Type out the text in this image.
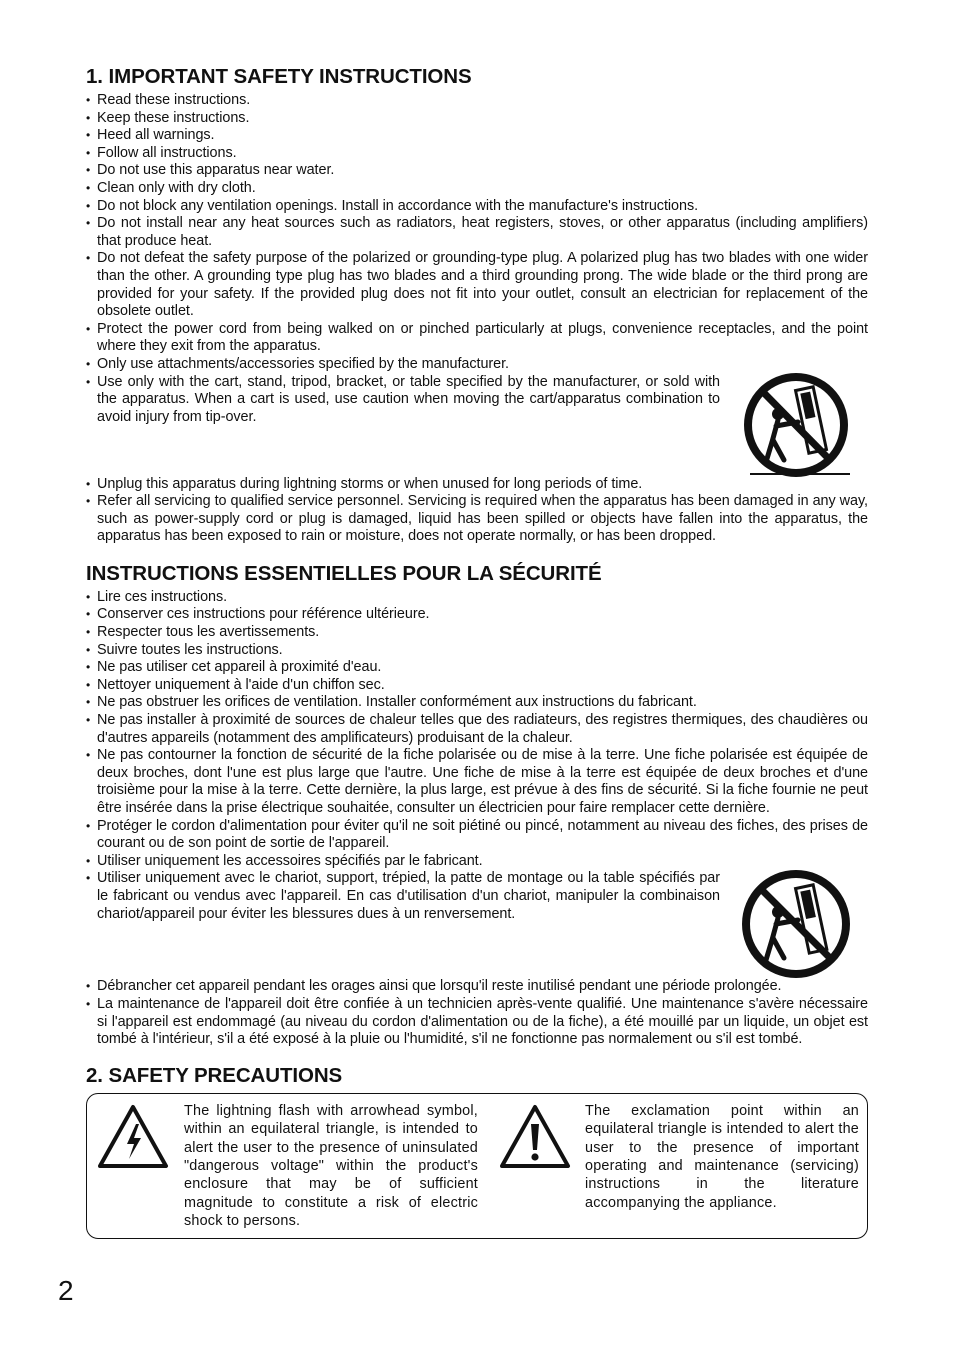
1. IMPORTANT SAFETY INSTRUCTIONS
• Read these instructions.
• Keep these instructions.
• Heed all warnings.
• Follow all instructions.
• Do not use this apparatus near water.
• Clean only with dry cloth.
• Do not block any ventilation openings. Install in accordance with the manufacture's instructions.
• Do not install near any heat sources such as radiators, heat registers, stoves, or other apparatus (including amplifiers) that produce heat.
• Do not defeat the safety purpose of the polarized or grounding-type plug. A polarized plug has two blades with one wider than the other. A grounding type plug has two blades and a third grounding prong. The wide blade or the third prong are provided for your safety. If the provided plug does not fit into your outlet, consult an electrician for replacement of the obsolete outlet.
• Protect the power cord from being walked on or pinched particularly at plugs, convenience receptacles, and the point where they exit from the apparatus.
• Only use attachments/accessories specified by the manufacturer.
• Use only with the cart, stand, tripod, bracket, or table specified by the manufacturer, or sold with the apparatus. When a cart is used, use caution when moving the cart/apparatus combination to avoid injury from tip-over.
• Unplug this apparatus during lightning storms or when unused for long periods of time.
• Refer all servicing to qualified service personnel. Servicing is required when the apparatus has been damaged in any way, such as power-supply cord or plug is damaged, liquid has been spilled or objects have fallen into the apparatus, the apparatus has been exposed to rain or moisture, does not operate normally, or has been dropped.
INSTRUCTIONS ESSENTIELLES POUR LA SÉCURITÉ
• Lire ces instructions.
• Conserver ces instructions pour référence ultérieure.
• Respecter tous les avertissements.
• Suivre toutes les instructions.
• Ne pas utiliser cet appareil à proximité d'eau.
• Nettoyer uniquement à l'aide d'un chiffon sec.
• Ne pas obstruer les orifices de ventilation. Installer conformément aux instructions du fabricant.
• Ne pas installer à proximité de sources de chaleur telles que des radiateurs, des registres thermiques, des chaudières ou d'autres appareils (notamment des amplificateurs) produisant de la chaleur.
• Ne pas contourner la fonction de sécurité de la fiche polarisée ou de mise à la terre. Une fiche polarisée est équipée de deux broches, dont l'une est plus large que l'autre. Une fiche de mise à la terre est équipée de deux broches et d'une troisième pour la mise à la terre. Cette dernière, la plus large, est prévue à des fins de sécurité. Si la fiche fournie ne peut être insérée dans la prise électrique souhaitée, consulter un électricien pour faire remplacer cette dernière.
• Protéger le cordon d'alimentation pour éviter qu'il ne soit piétiné ou pincé, notamment au niveau des fiches, des prises de courant ou de son point de sortie de l'appareil.
• Utiliser uniquement les accessoires spécifiés par le fabricant.
• Utiliser uniquement avec le chariot, support, trépied, la patte de montage ou la table spécifiés par le fabricant ou vendus avec l'appareil. En cas d'utilisation d'un chariot, manipuler la combinaison chariot/appareil pour éviter les blessures dues à un renversement.
• Débrancher cet appareil pendant les orages ainsi que lorsqu'il reste inutilisé pendant une période prolongée.
• La maintenance de l'appareil doit être confiée à un technicien après-vente qualifié. Une maintenance s'avère nécessaire si l'appareil est endommagé (au niveau du cordon d'alimentation ou de la fiche), a été mouillé par un liquide, un objet est tombé à l'intérieur, s'il a été exposé à la pluie ou l'humidité, s'il ne fonctionne pas normalement ou s'il est tombé.
2. SAFETY PRECAUTIONS
The lightning flash with arrowhead symbol, within an equilateral triangle, is intended to alert the user to the presence of uninsulated "dangerous voltage" within the product's enclosure that may be of sufficient magnitude to constitute a risk of electric shock to persons.
The exclamation point within an equilateral triangle is intended to alert the user to the presence of important operating and maintenance (servicing) instructions in the literature accompanying the appliance.
2
